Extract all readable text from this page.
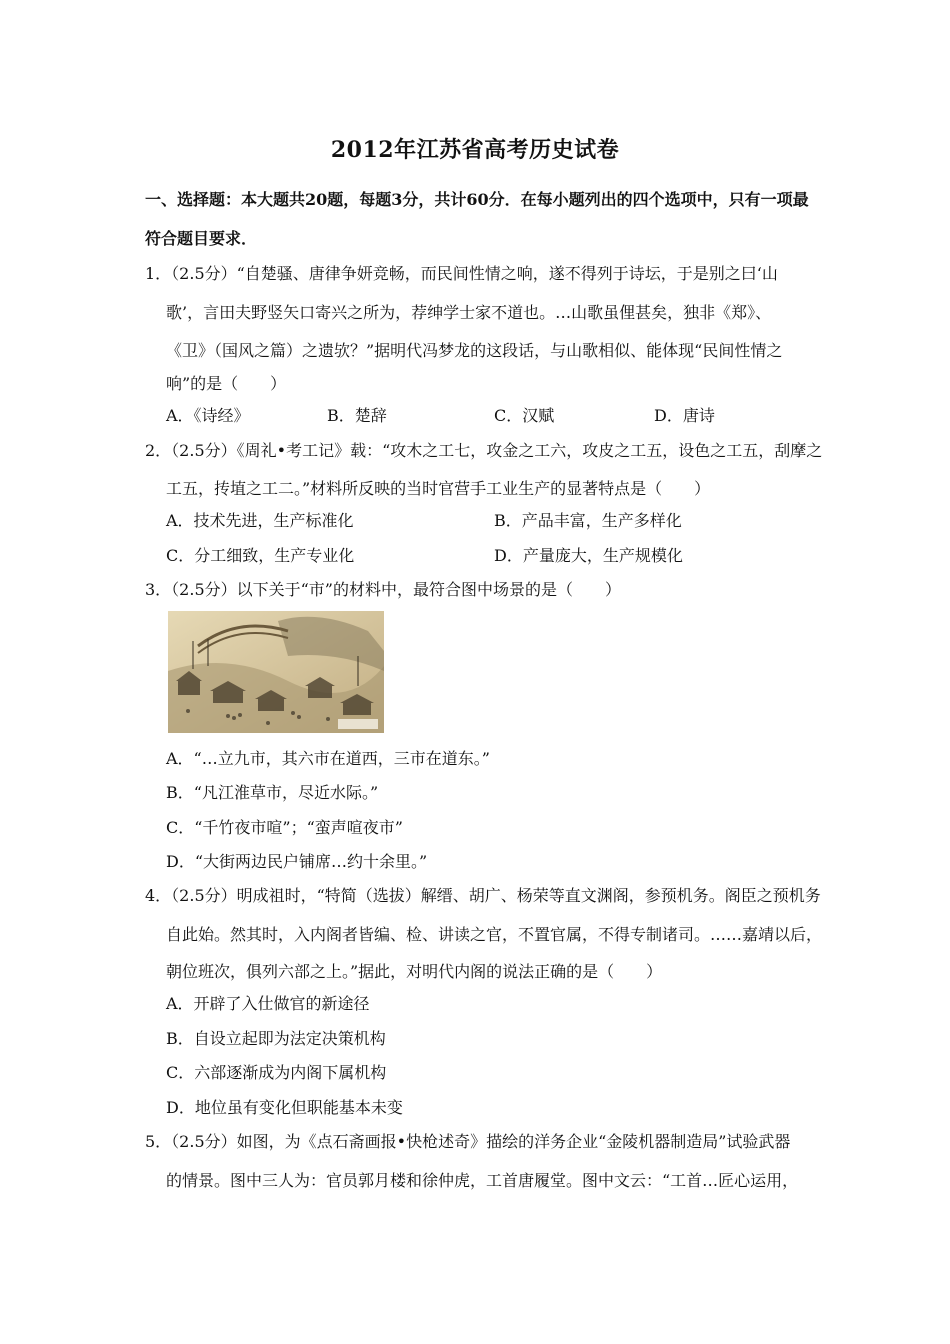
2012年江苏省高考历史试卷
一、选择题：本大题共20题，每题3分，共计60分．在每小题列出的四个选项中，只有一项最
符合题目要求．
1．（2.5分）“自楚骚、唐律争妍竞畅，而民间性情之响，遂不得列于诗坛，于是别之曰‘山
歌’，言田夫野竖矢口寄兴之所为，荐绅学士家不道也。…山歌虽俚甚矣，独非《郑》、
《卫》（国风之篇）之遗欤？”据明代冯梦龙的这段话，与山歌相似、能体现“民间性情之
响”的是（　　）
A．《诗经》	B．楚辞	C．汉赋	D．唐诗
2．（2.5分）《周礼•考工记》载：“攻木之工七，攻金之工六，攻皮之工五，设色之工五，刮摩之
工五，抟埴之工二。”材料所反映的当时官营手工业生产的显著特点是（　　）
A．技术先进，生产标准化	B．产品丰富，生产多样化
C．分工细致，生产专业化	D．产量庞大，生产规模化
3．（2.5分）以下关于“市”的材料中，最符合图中场景的是（　　）
A．“…立九市，其六市在道西，三市在道东。”
B．“凡江淮草市，尽近水际。”
C．“千竹夜市喧”；“蛮声喧夜市”
D．“大街两边民户铺席…约十余里。”
4．（2.5分）明成祖时，“特简（选拔）解缙、胡广、杨荣等直文渊阁，参预机务。阁臣之预机务
自此始。然其时，入内阁者皆编、检、讲读之官，不置官属，不得专制诸司。……嘉靖以后，
朝位班次，俱列六部之上。”据此，对明代内阁的说法正确的是（　　）
A．开辟了入仕做官的新途径
B．自设立起即为法定决策机构
C．六部逐渐成为内阁下属机构
D．地位虽有变化但职能基本未变
5．（2.5分）如图，为《点石斋画报•快枪述奇》描绘的洋务企业“金陵机器制造局”试验武器
的情景。图中三人为：官员郭月楼和徐仲虎，工首唐履堂。图中文云：“工首…匠心运用，
